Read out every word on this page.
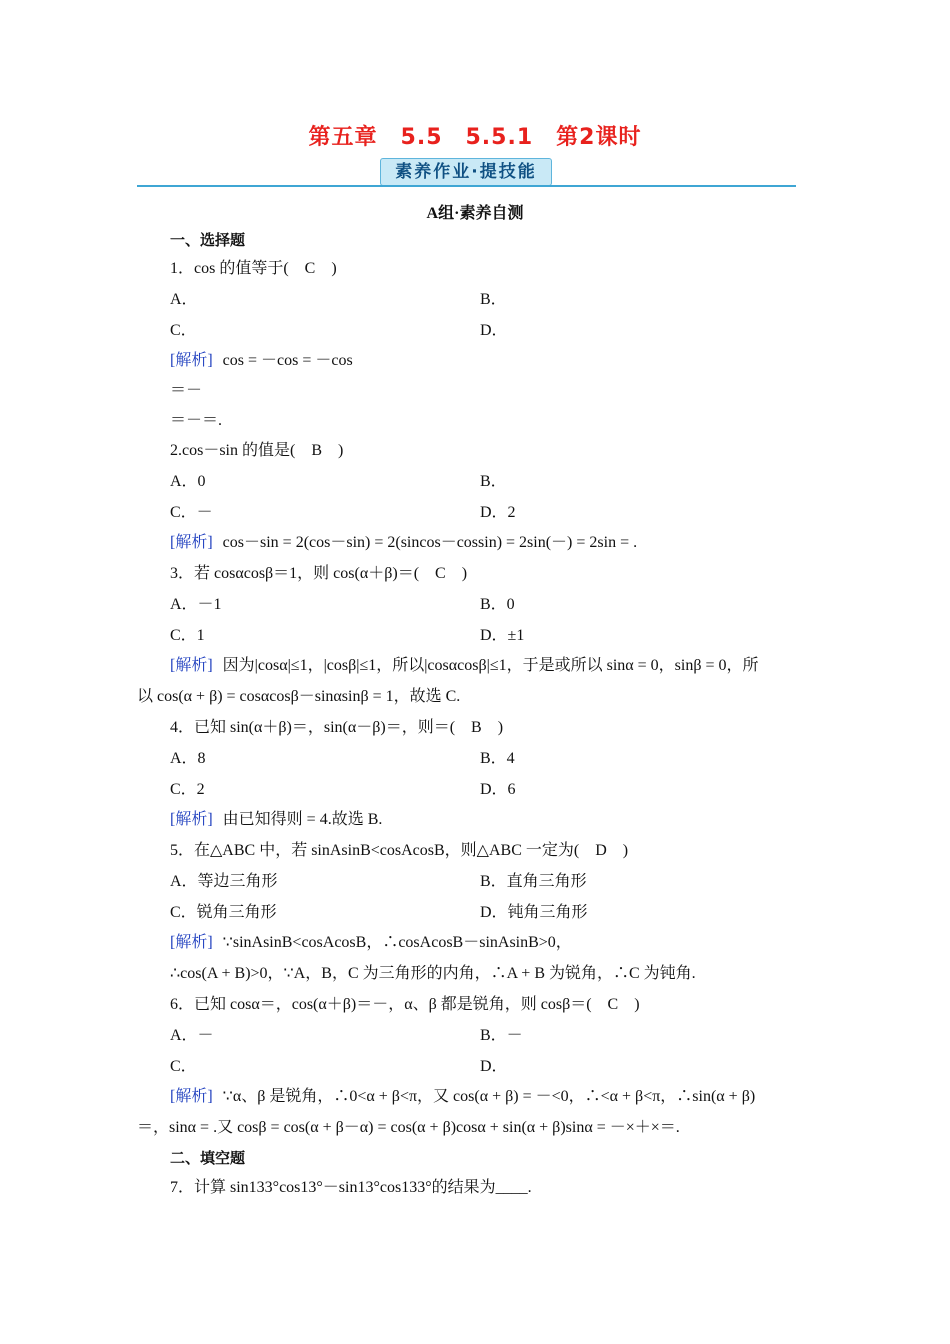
第五章　5.5　5.5.1　第2课时
素养作业·提技能
A组·素养自测
一、选择题
1．cos 的值等于(　C　)
A．	B．
C．	D．
[解析] cos = －cos = －cos
＝－
＝－＝.
2.cos－sin 的值是(　B　)
A．0	B．
C．－	D．2
[解析] cos－sin = 2(cos－sin) = 2(sincos－cossin) = 2sin(－) = 2sin = .
3．若 cosαcosβ＝1，则 cos(α＋β)＝(　C　)
A．－1	B．0
C．1	D．±1
[解析] 因为|cosα|≤1，|cosβ|≤1，所以|cosαcosβ|≤1，于是或所以 sinα = 0，sinβ = 0，所
以 cos(α + β) = cosαcosβ－sinαsinβ = 1，故选 C.
4．已知 sin(α＋β)＝，sin(α－β)＝，则＝(　B　)
A．8	B．4
C．2	D．6
[解析] 由已知得则 = 4.故选 B.
5．在△ABC 中，若 sinAsinB<cosAcosB，则△ABC 一定为(　D　)
A．等边三角形	B．直角三角形
C．锐角三角形	D．钝角三角形
[解析] ∵sinAsinB<cosAcosB，∴cosAcosB－sinAsinB>0，
∴cos(A + B)>0，∵A，B，C 为三角形的内角，∴A + B 为锐角，∴C 为钝角.
6．已知 cosα＝，cos(α＋β)＝－，α、β 都是锐角，则 cosβ＝(　C　)
A．－	B．－
C．	D．
[解析] ∵α、β 是锐角，∴0<α + β<π，又 cos(α + β) = －<0，∴<α + β<π，∴sin(α + β)
＝，sinα = .又 cosβ = cos(α + β－α) = cos(α + β)cosα + sin(α + β)sinα = －×＋×＝.
二、填空题
7．计算 sin133°cos13°－sin13°cos133°的结果为____.
